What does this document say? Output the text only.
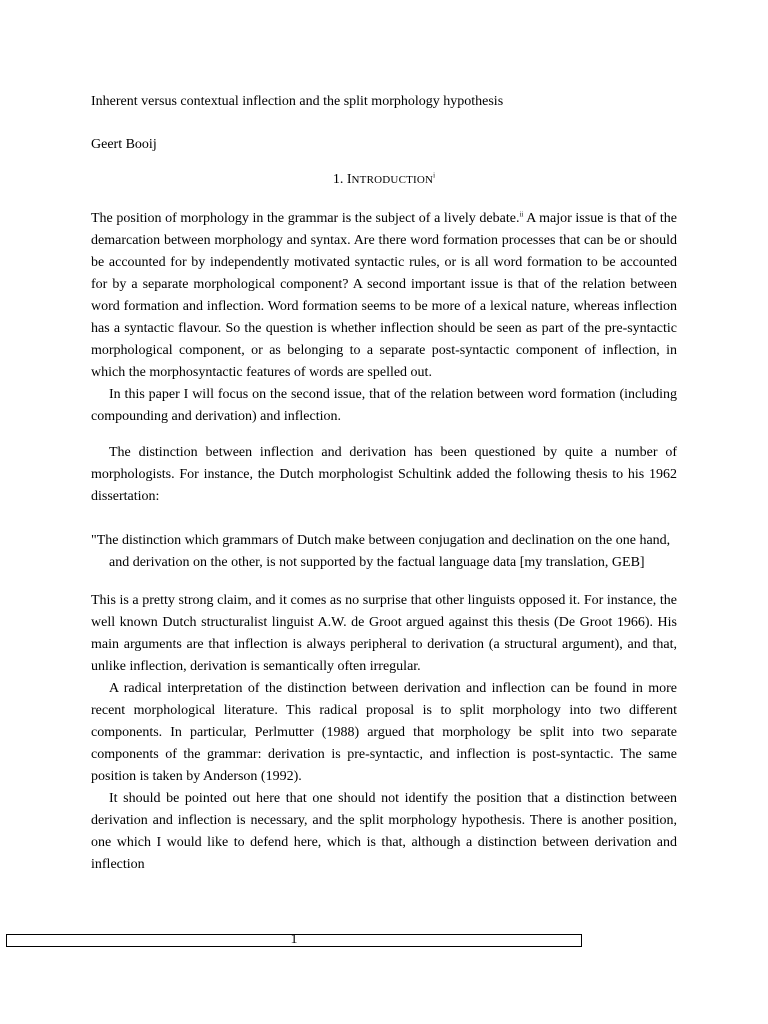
Inherent versus contextual inflection and the split morphology hypothesis
Geert Booij
1. INTRODUCTION$^i$

The position of morphology in the grammar is the subject of a lively debate.$^{ii}$ A major issue is that of the demarcation between morphology and syntax. Are there word formation processes that can be or should be accounted for by independently motivated syntactic rules, or is all word formation to be accounted for by a separate morphological component? A second important issue is that of the relation between word formation and inflection. Word formation seems to be more of a lexical nature, whereas inflection has a syntactic flavour. So the question is whether inflection should be seen as part of the pre-syntactic morphological component, or as belonging to a separate post-syntactic component of inflection, in which the morphosyntactic features of words are spelled out.

In this paper I will focus on the second issue, that of the relation between word formation (including compounding and derivation) and inflection.

The distinction between inflection and derivation has been questioned by quite a number of morphologists. For instance, the Dutch morphologist Schultink added the following thesis to his 1962 dissertation:

"The distinction which grammars of Dutch make between conjugation and declination on the one hand, and derivation on the other, is not supported by the factual language data [my translation, GEB]

This is a pretty strong claim, and it comes as no surprise that other linguists opposed it. For instance, the well known Dutch structuralist linguist A.W. de Groot argued against this thesis (De Groot 1966). His main arguments are that inflection is always peripheral to derivation (a structural argument), and that, unlike inflection, derivation is semantically often irregular.

A radical interpretation of the distinction between derivation and inflection can be found in more recent morphological literature. This radical proposal is to split morphology into two different components. In particular, Perlmutter (1988) argued that morphology be split into two separate components of the grammar: derivation is pre-syntactic, and inflection is post-syntactic. The same position is taken by Anderson (1992).

It should be pointed out here that one should not identify the position that a distinction between derivation and inflection is necessary, and the split morphology hypothesis. There is another position, one which I would like to defend here, which is that, although a distinction between derivation and inflection

1
